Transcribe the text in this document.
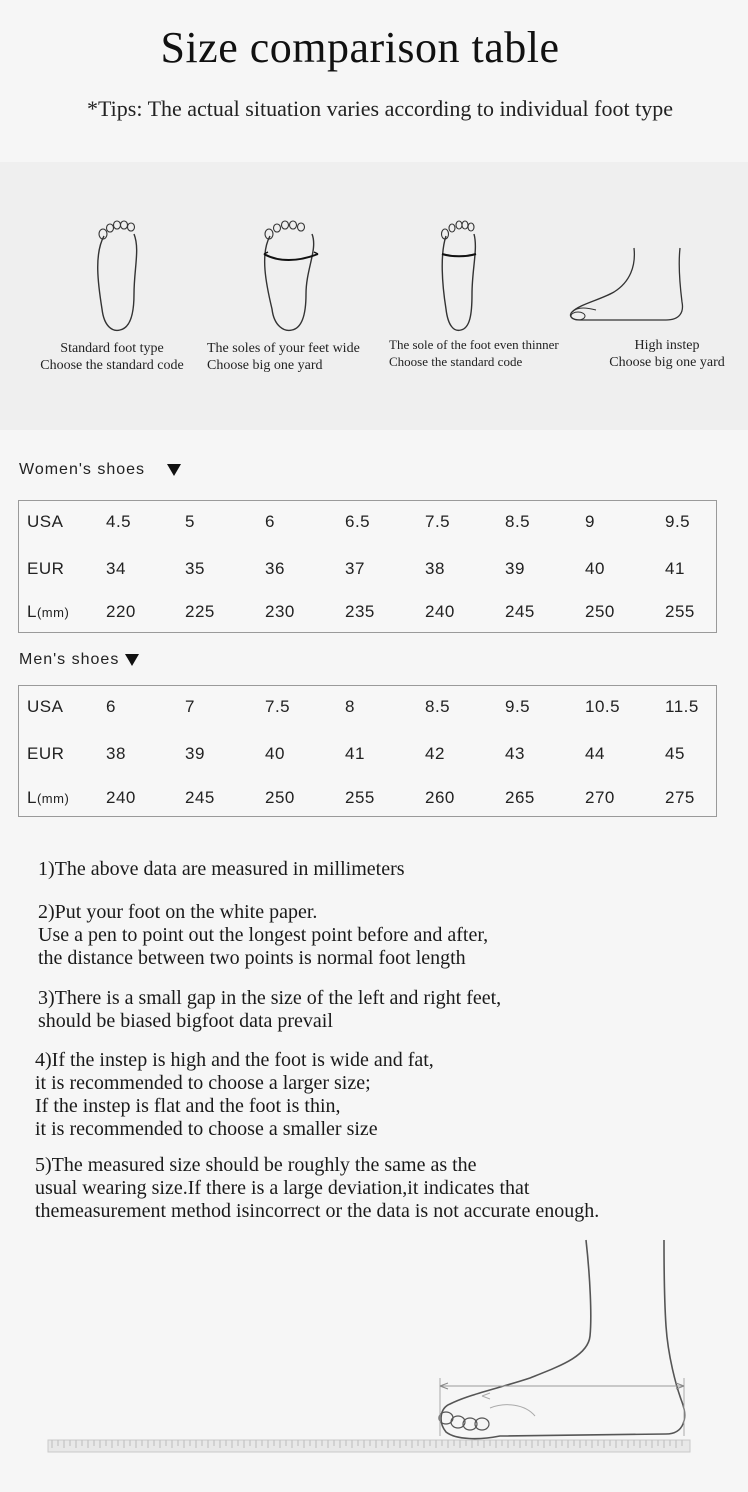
Size comparison table
*Tips: The actual situation varies according to individual foot type
Standard foot type
Choose the standard code
The soles of your feet wide
Choose big one yard
The sole of the foot even thinner
Choose the standard code
High instep
Choose big one yard
Women's shoes
USA	4.5	5	6	6.5	7.5	8.5	9	9.5
EUR 34	35	36	37	38	39	40	41
L(mm) 220	225	230	235	240	245	250	255
Men's shoes
USA	6	7	7.5	8	8.5	9.5	10.5	11.5
EUR 38	39	40	41	42	43	44	45
L(mm) 240	245	250	255	260	265	270	275
1)The above data are measured in millimeters
2)Put your foot on the white paper.
Use a pen to point out the longest point before and after,
the distance between two points is normal foot length
3)There is a small gap in the size of the left and right feet,
should be biased bigfoot data prevail
4)If the instep is high and the foot is wide and fat,
it is recommended to choose a larger size;
If the instep is flat and the foot is thin,
it is recommended to choose a smaller size
5)The measured size should be roughly the same as the
usual wearing size.If there is a large deviation,it indicates that
themeasurement method isincorrect or the data is not accurate enough.
